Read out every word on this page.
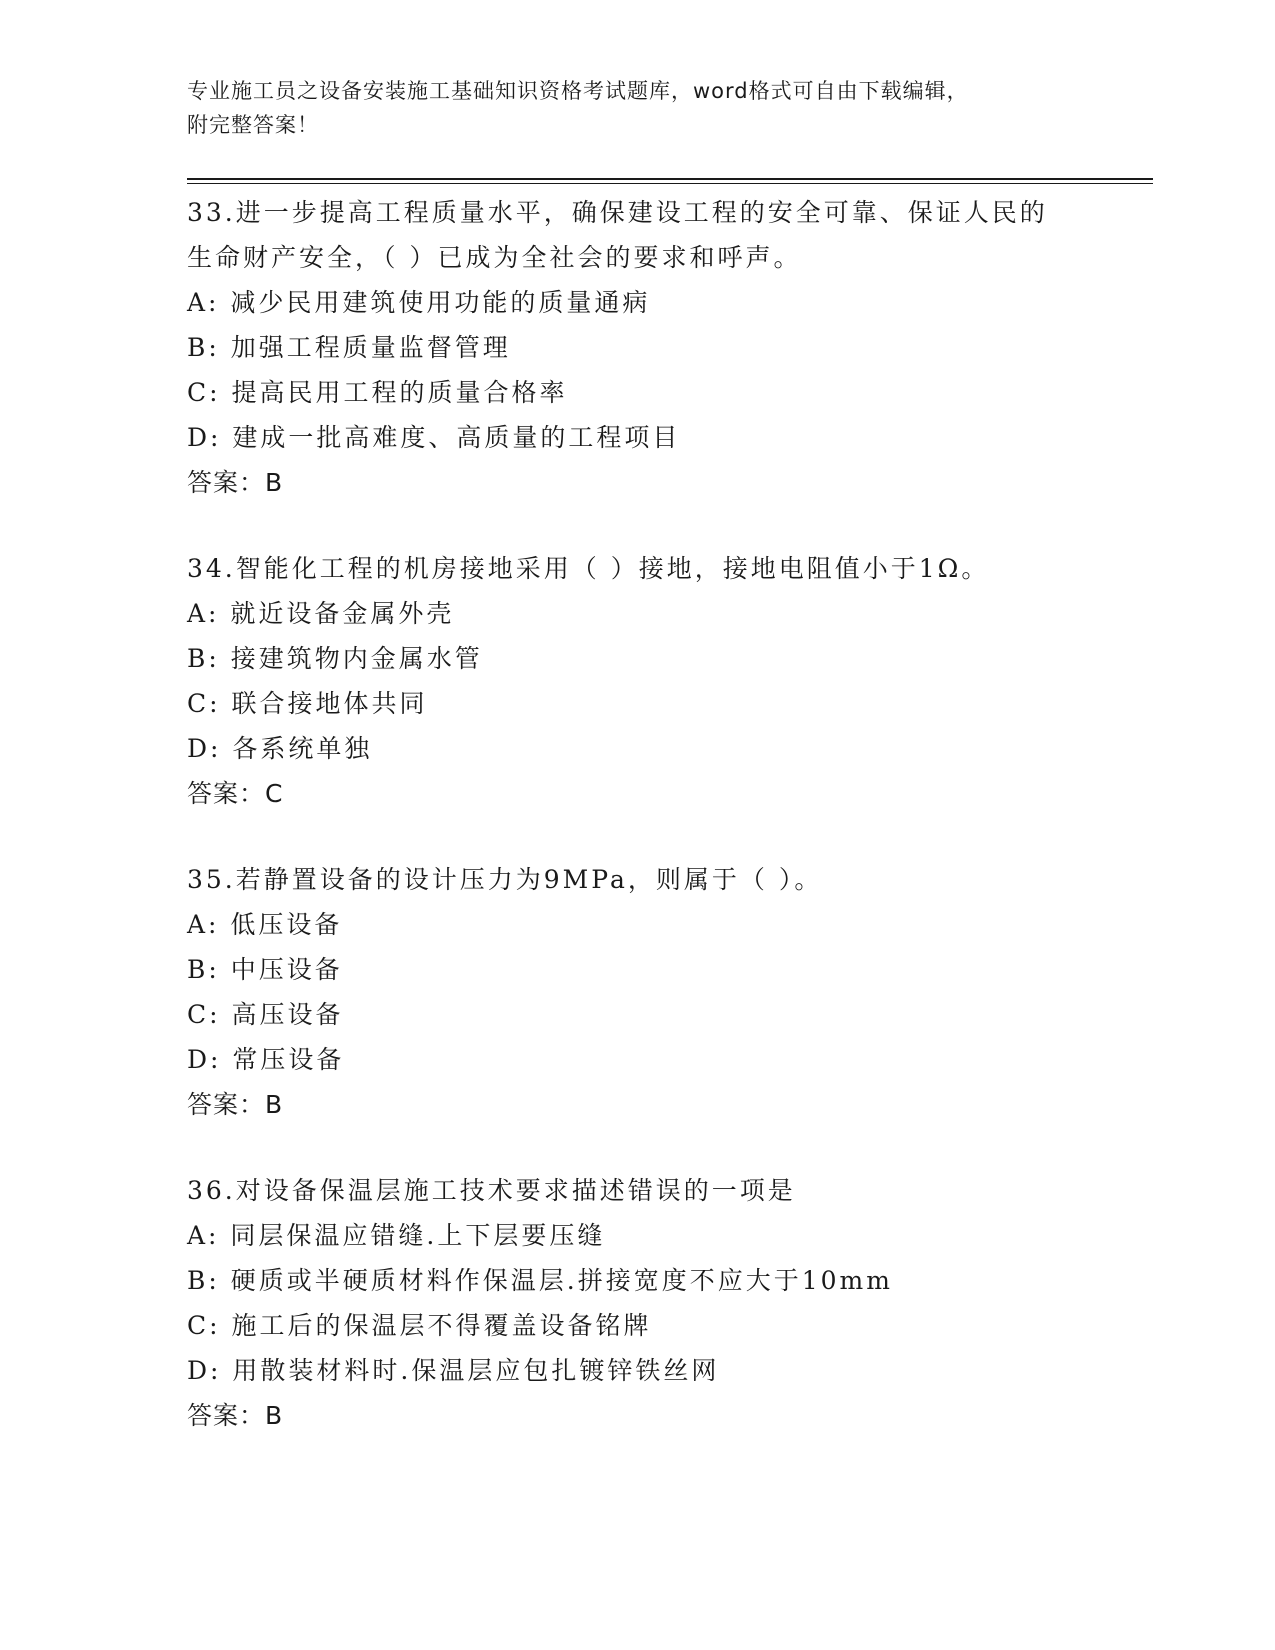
专业施工员之设备安装施工基础知识资格考试题库，word格式可自由下载编辑，
附完整答案！

33.进一步提高工程质量水平，确保建设工程的安全可靠、保证人民的

生命财产安全，（ ）已成为全社会的要求和呼声。

A: 减少民用建筑使用功能的质量通病

B: 加强工程质量监督管理

C: 提高民用工程的质量合格率

D: 建成一批高难度、高质量的工程项目

答案：B

34.智能化工程的机房接地采用（ ）接地，接地电阻值小于1Ω。

A: 就近设备金属外壳

B: 接建筑物内金属水管

C: 联合接地体共同

D: 各系统单独

答案：C

35.若静置设备的设计压力为9MPa，则属于（ ）。

A: 低压设备

B: 中压设备

C: 高压设备

D: 常压设备

答案：B

36.对设备保温层施工技术要求描述错误的一项是

A: 同层保温应错缝.上下层要压缝

B: 硬质或半硬质材料作保温层.拼接宽度不应大于10mm

C: 施工后的保温层不得覆盖设备铭牌

D: 用散装材料时.保温层应包扎镀锌铁丝网

答案：B
